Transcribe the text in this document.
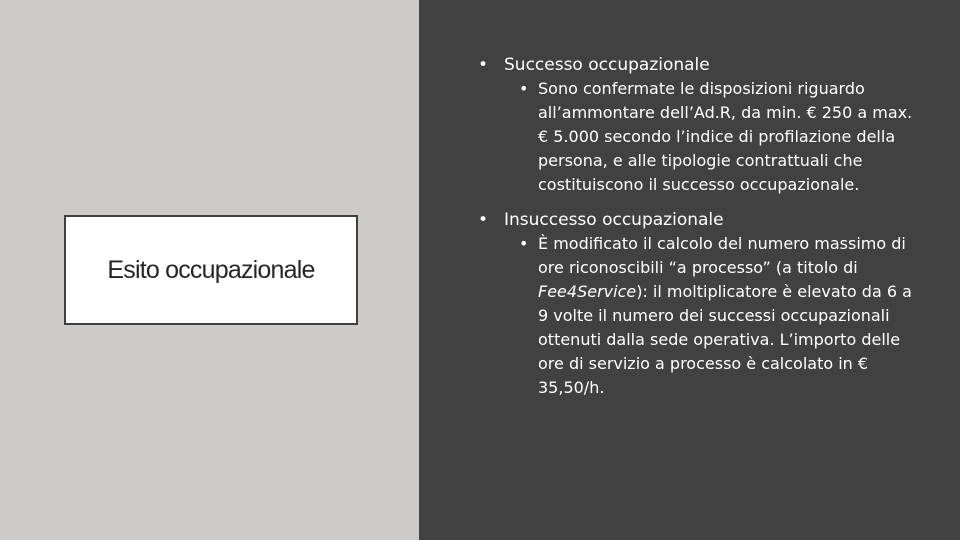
Esito occupazionale
• Successo occupazionale
• Sono confermate le disposizioni riguardo all’ammontare dell’Ad.R, da min. € 250 a max. € 5.000 secondo l’indice di profilazione della persona, e alle tipologie contrattuali che costituiscono il successo occupazionale.
• Insuccesso occupazionale
• È modificato il calcolo del numero massimo di ore riconoscibili “a processo” (a titolo di Fee4Service): il moltiplicatore è elevato da 6 a 9 volte il numero dei successi occupazionali ottenuti dalla sede operativa. L’importo delle ore di servizio a processo è calcolato in € 35,50/h.
